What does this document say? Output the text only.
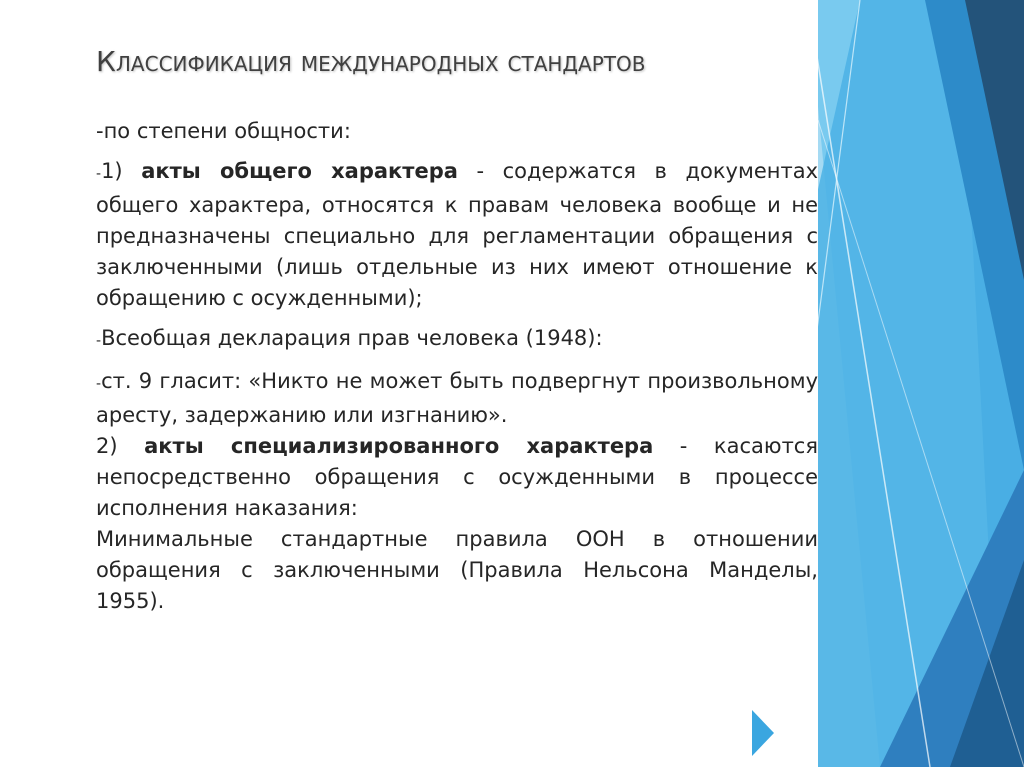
Классификация международных стандартов

-по степени общности:

-1) акты общего характера - содержатся в документах общего характера, относятся к правам человека вообще и не предназначены специально для регламентации обращения с заключенными (лишь отдельные из них имеют отношение к обращению с осужденными);

-Всеобщая декларация прав человека (1948):

-ст. 9 гласит: «Никто не может быть подвергнут произвольному аресту, задержанию или изгнанию».

2) акты специализированного характера - касаются непосредственно обращения с осужденными в процессе исполнения наказания:

Минимальные стандартные правила ООН в отношении обращения с заключенными (Правила Нельсона Манделы, 1955).
